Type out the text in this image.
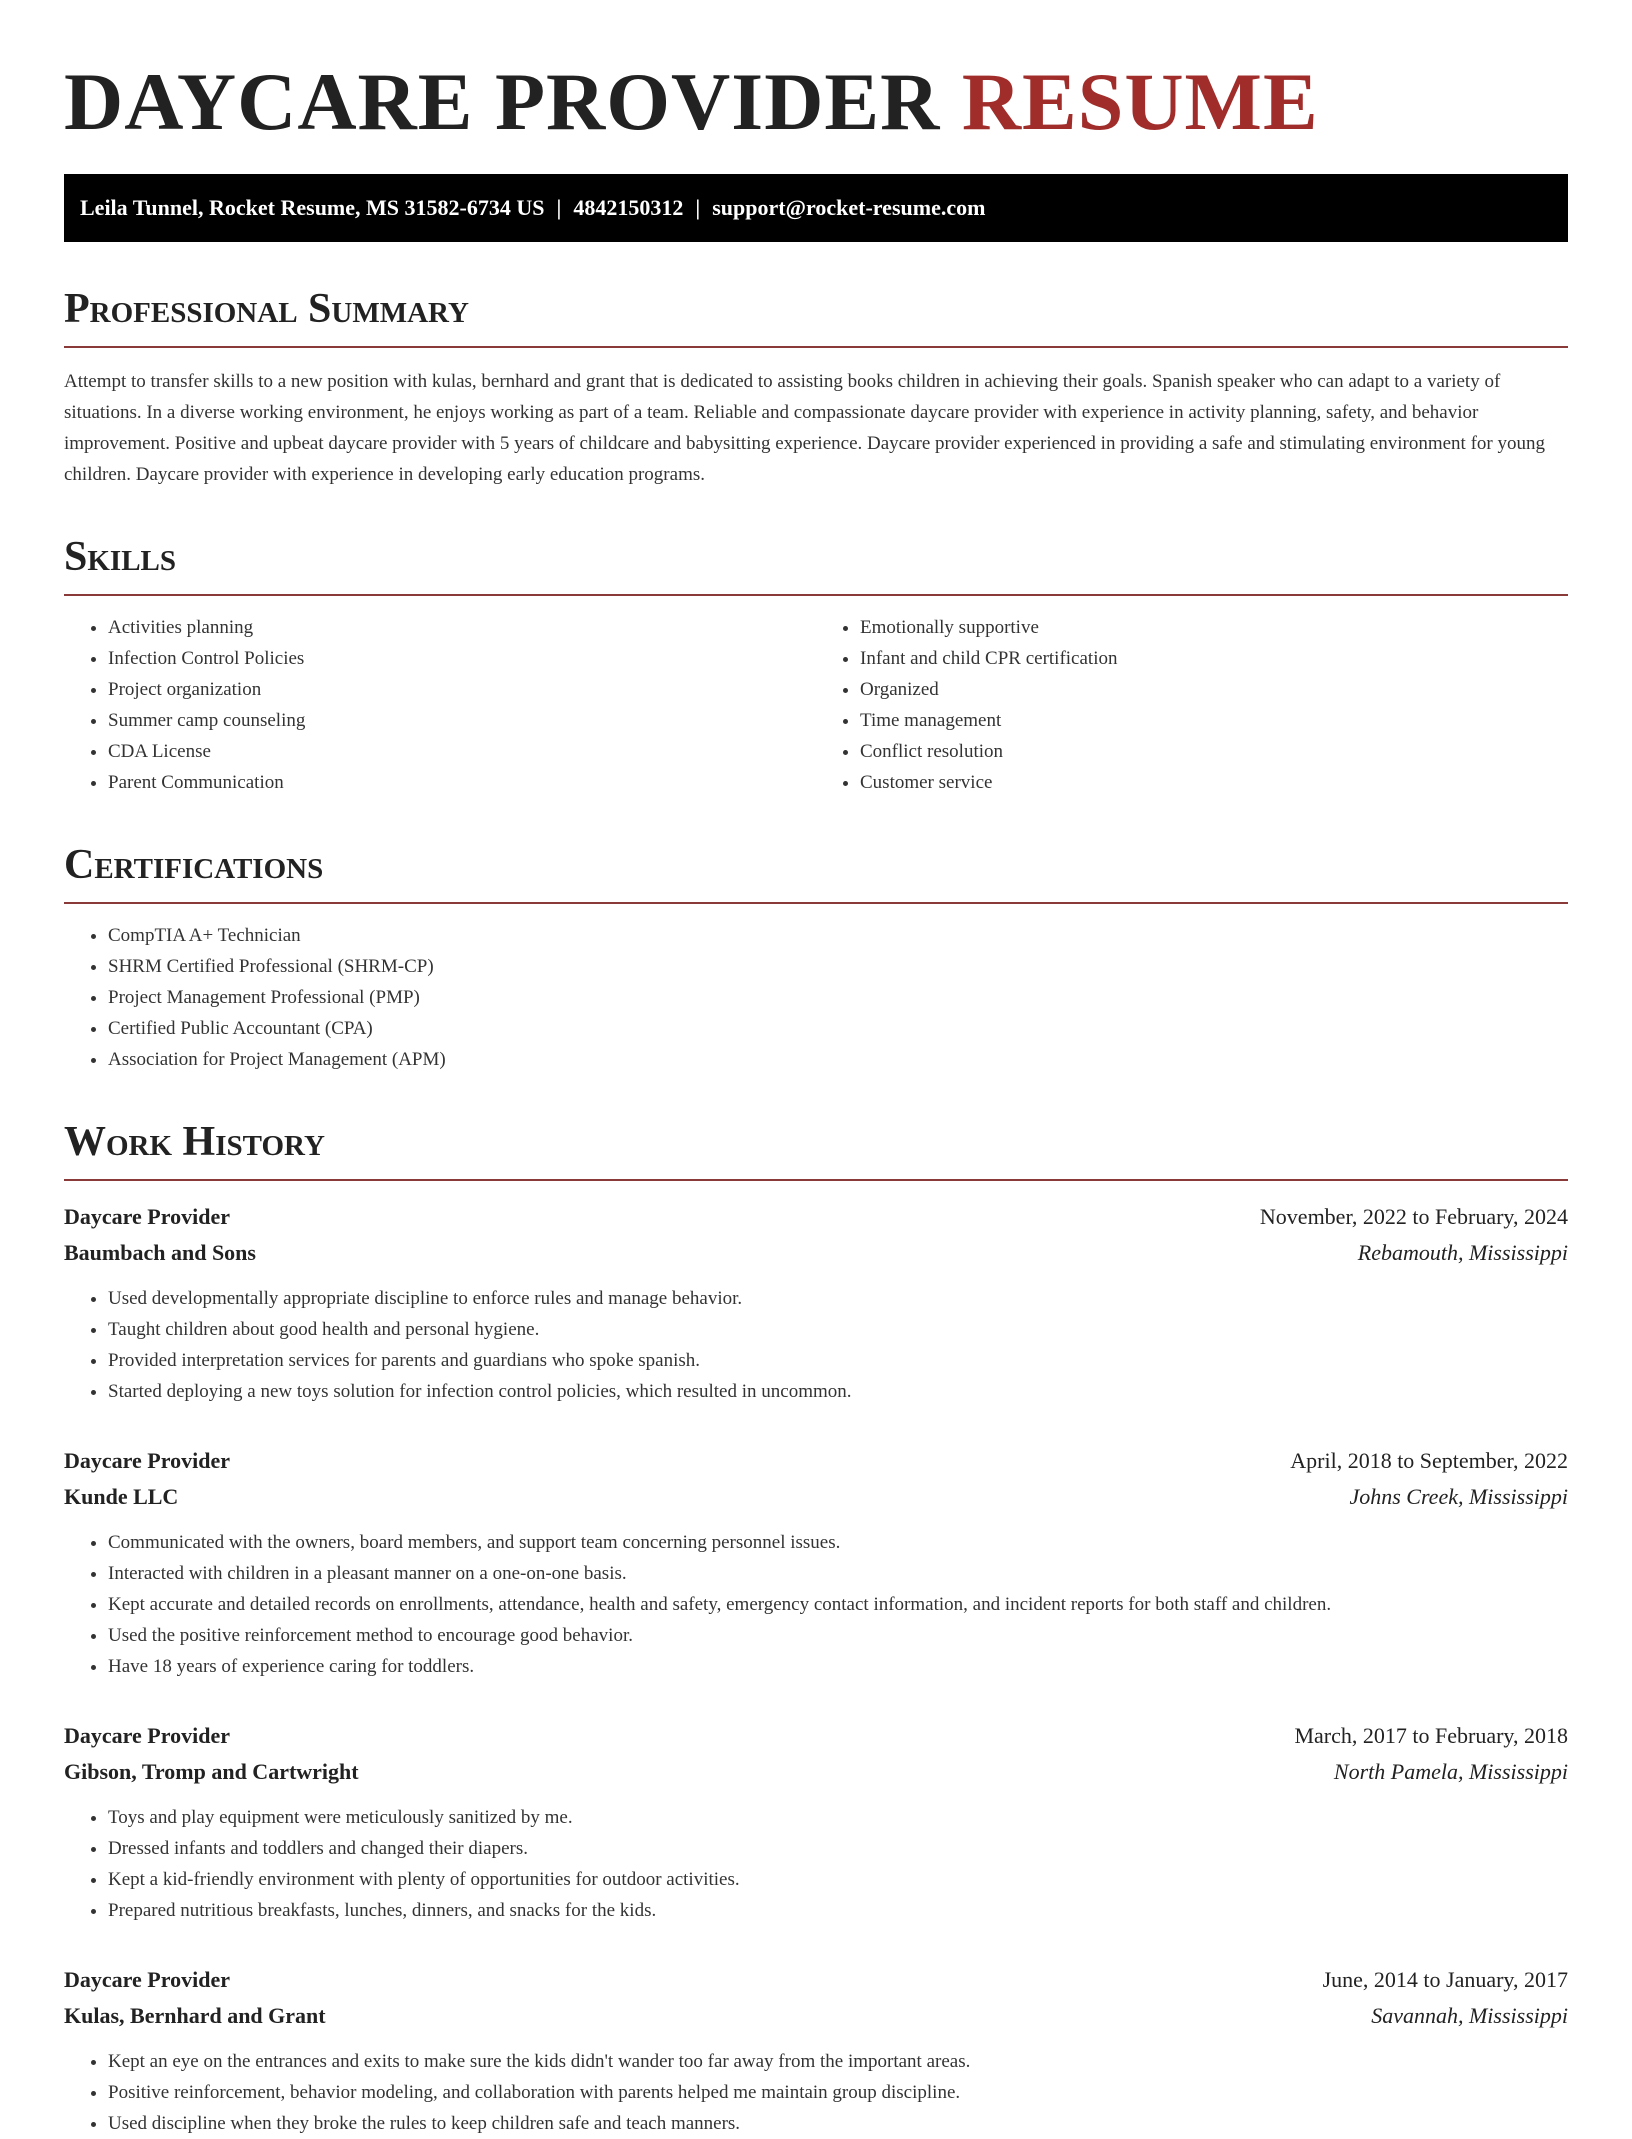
DAYCARE PROVIDER RESUME
Leila Tunnel, Rocket Resume, MS 31582-6734 US | 4842150312 | support@rocket-resume.com
Professional Summary

Attempt to transfer skills to a new position with kulas, bernhard and grant that is dedicated to assisting books children in achieving their goals. Spanish speaker who can adapt to a variety of situations. In a diverse working environment, he enjoys working as part of a team. Reliable and compassionate daycare provider with experience in activity planning, safety, and behavior improvement. Positive and upbeat daycare provider with 5 years of childcare and babysitting experience. Daycare provider experienced in providing a safe and stimulating environment for young children. Daycare provider with experience in developing early education programs.

Skills
• Activities planning
• Infection Control Policies
• Project organization
• Summer camp counseling
• CDA License
• Parent Communication
• Emotionally supportive
• Infant and child CPR certification
• Organized
• Time management
• Conflict resolution
• Customer service
Certifications
• CompTIA A+ Technician
• SHRM Certified Professional (SHRM-CP)
• Project Management Professional (PMP)
• Certified Public Accountant (CPA)
• Association for Project Management (APM)
Work History
Daycare Provider	November, 2022 to February, 2024
Baumbach and Sons	Rebamouth, Mississippi
• Used developmentally appropriate discipline to enforce rules and manage behavior.
• Taught children about good health and personal hygiene.
• Provided interpretation services for parents and guardians who spoke spanish.
• Started deploying a new toys solution for infection control policies, which resulted in uncommon.
Daycare Provider	April, 2018 to September, 2022
Kunde LLC	Johns Creek, Mississippi
• Communicated with the owners, board members, and support team concerning personnel issues.
• Interacted with children in a pleasant manner on a one-on-one basis.
• Kept accurate and detailed records on enrollments, attendance, health and safety, emergency contact information, and incident reports for both staff and children.
• Used the positive reinforcement method to encourage good behavior.
• Have 18 years of experience caring for toddlers.
Daycare Provider	March, 2017 to February, 2018
Gibson, Tromp and Cartwright	North Pamela, Mississippi
• Toys and play equipment were meticulously sanitized by me.
• Dressed infants and toddlers and changed their diapers.
• Kept a kid-friendly environment with plenty of opportunities for outdoor activities.
• Prepared nutritious breakfasts, lunches, dinners, and snacks for the kids.
Daycare Provider	June, 2014 to January, 2017
Kulas, Bernhard and Grant	Savannah, Mississippi
• Kept an eye on the entrances and exits to make sure the kids didn't wander too far away from the important areas.
• Positive reinforcement, behavior modeling, and collaboration with parents helped me maintain group discipline.
• Used discipline when they broke the rules to keep children safe and teach manners.
